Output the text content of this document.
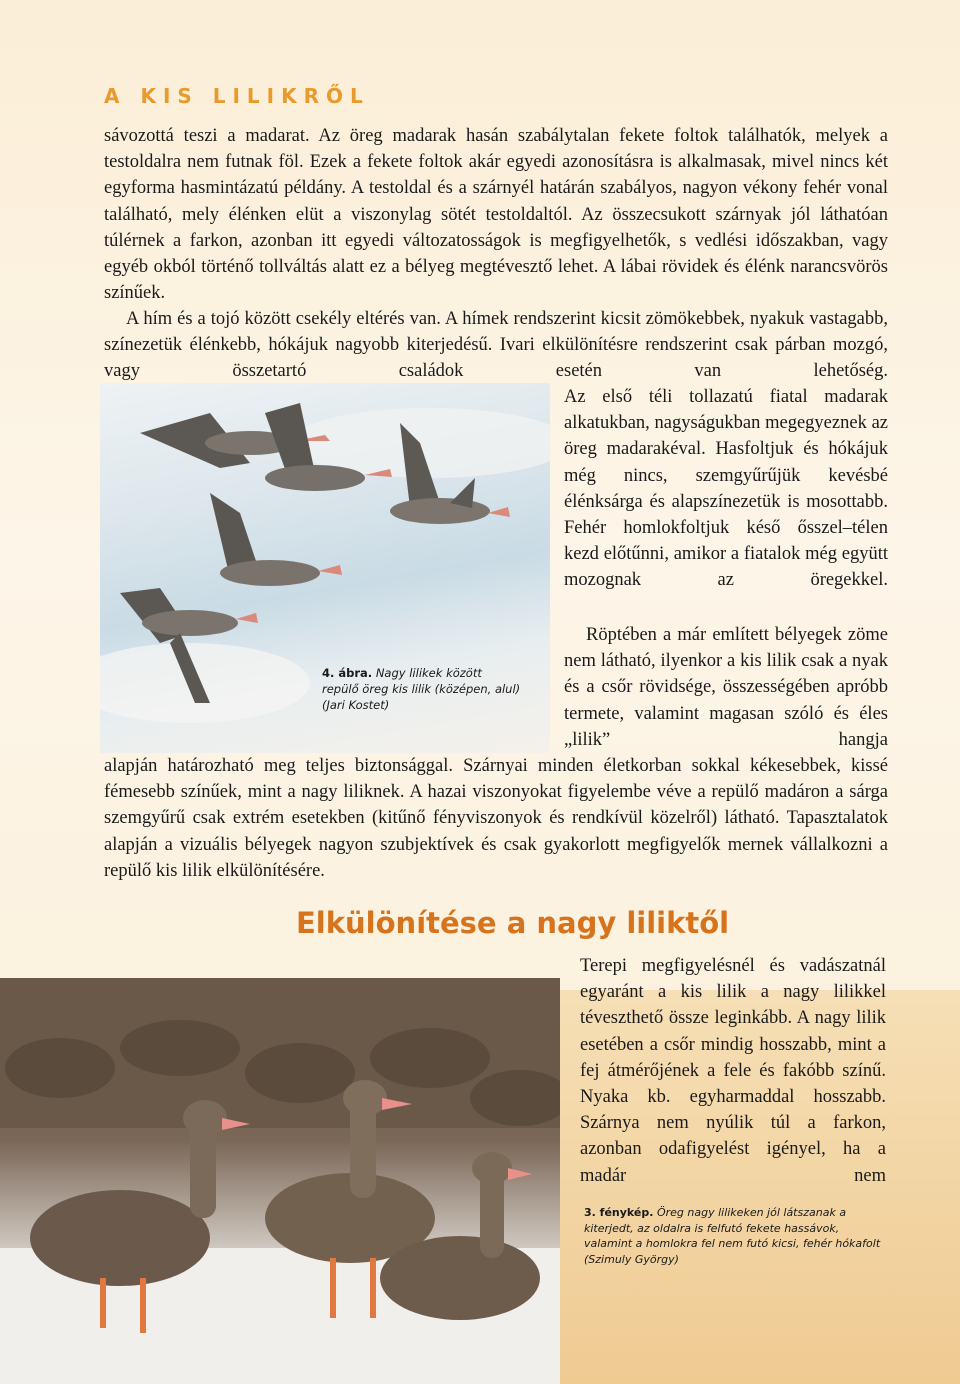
A KIS LILIKRŐL

sávozottá teszi a madarat. Az öreg madarak hasán szabálytalan fekete foltok találhatók, melyek a testoldalra nem futnak föl. Ezek a fekete foltok akár egyedi azonosításra is alkalmasak, mivel nincs két egyforma hasmintázatú példány. A testoldal és a szárnyél határán szabályos, nagyon vékony fehér vonal található, mely élénken elüt a viszonylag sötét testoldaltól. Az összecsukott szárnyak jól láthatóan túlérnek a farkon, azonban itt egyedi változatosságok is megfigyelhetők, s vedlési időszakban, vagy egyéb okból történő tollváltás alatt ez a bélyeg megtévesztő lehet. A lábai rövidek és élénk narancsvörös színűek.

A hím és a tojó között csekély eltérés van. A hímek rendszerint kicsit zömökebbek, nyakuk vastagabb, színezetük élénkebb, hókájuk nagyobb kiterjedésű. Ivari elkülönítésre rendszerint csak párban mozgó, vagy összetartó családok esetén van lehetőség.

4. ábra. Nagy lilikek között repülő öreg kis lilik (középen, alul) (Jari Kostet)

Az első téli tollazatú fiatal madarak alkatukban, nagyságukban megegyeznek az öreg madarakéval. Hasfoltjuk és hókájuk még nincs, szemgyűrűjük kevésbé élénksárga és alapszínezetük is mosottabb. Fehér homlokfoltjuk késő ősszel–télen kezd előtűnni, amikor a fiatalok még együtt mozognak az öregekkel.

Röptében a már említett bélyegek zöme nem látható, ilyenkor a kis lilik csak a nyak és a csőr rövidsége, összességében apróbb termete, valamint magasan szóló és éles „lilik” hangja

alapján határozható meg teljes biztonsággal. Szárnyai minden életkorban sokkal kékesebbek, kissé fémesebb színűek, mint a nagy liliknek. A hazai viszonyokat figyelembe véve a repülő madáron a sárga szemgyűrű csak extrém esetekben (kitűnő fényviszonyok és rendkívül közelről) látható. Tapasztalatok alapján a vizuális bélyegek nagyon szubjektívek és csak gyakorlott megfigyelők mernek vállalkozni a repülő kis lilik elkülönítésére.

Elkülönítése a nagy liliktől

Terepi megfigyelésnél és vadászatnál egyaránt a kis lilik a nagy lilikkel téveszthető össze leginkább. A nagy lilik esetében a csőr mindig hosszabb, mint a fej átmérőjének a fele és fakóbb színű. Nyaka kb. egyharmaddal hosszabb. Szárnya nem nyúlik túl a farkon, azonban odafigyelést igényel, ha a madár nem

3. fénykép. Öreg nagy lilikeken jól látszanak a kiterjedt, az oldalra is felfutó fekete hassávok, valamint a homlokra fel nem futó kicsi, fehér hókafolt (Szimuly György)
